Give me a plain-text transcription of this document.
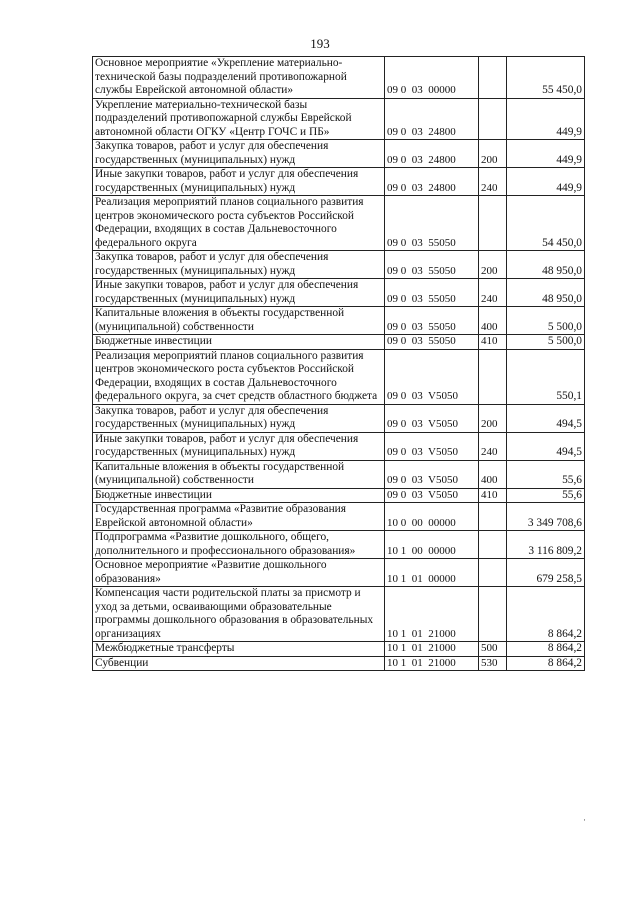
193
Основное мероприятие «Укрепление материально-технической базы подразделений противопожарной службы Еврейской автономной области»	09 0  03  00000		55 450,0
Укрепление материально-технической базы подразделений противопожарной службы Еврейской автономной области ОГКУ «Центр ГОЧС и ПБ»	09 0  03  24800		449,9
Закупка товаров, работ и услуг для обеспечения государственных (муниципальных) нужд	09 0  03  24800	200	449,9
Иные закупки товаров, работ и услуг для обеспечения государственных (муниципальных) нужд	09 0  03  24800	240	449,9
Реализация мероприятий планов социального развития центров экономического роста субъектов Российской Федерации, входящих в состав Дальневосточного федерального округа	09 0  03  55050		54 450,0
Закупка товаров, работ и услуг для обеспечения государственных (муниципальных) нужд	09 0  03  55050	200	48 950,0
Иные закупки товаров, работ и услуг для обеспечения государственных (муниципальных) нужд	09 0  03  55050	240	48 950,0
Капитальные вложения в объекты государственной (муниципальной) собственности	09 0  03  55050	400	5 500,0
Бюджетные инвестиции	09 0  03  55050	410	5 500,0
Реализация мероприятий планов социального развития центров экономического роста субъектов Российской Федерации, входящих в состав Дальневосточного федерального округа, за счет средств областного бюджета	09 0  03  V5050		550,1
Закупка товаров, работ и услуг для обеспечения государственных (муниципальных) нужд	09 0  03  V5050	200	494,5
Иные закупки товаров, работ и услуг для обеспечения государственных (муниципальных) нужд	09 0  03  V5050	240	494,5
Капитальные вложения в объекты государственной (муниципальной) собственности	09 0  03  V5050	400	55,6
Бюджетные инвестиции	09 0  03  V5050	410	55,6
Государственная программа «Развитие образования Еврейской автономной области»	10 0  00  00000		3 349 708,6
Подпрограмма «Развитие дошкольного, общего, дополнительного и профессионального образования»	10 1  00  00000		3 116 809,2
Основное мероприятие «Развитие дошкольного образования»	10 1  01  00000		679 258,5
Компенсация части родительской платы за присмотр и уход за детьми, осваивающими образовательные программы дошкольного образования в образовательных организациях	10 1  01  21000		8 864,2
Межбюджетные трансферты	10 1  01  21000	500	8 864,2
Субвенции	10 1  01  21000	530	8 864,2
·
